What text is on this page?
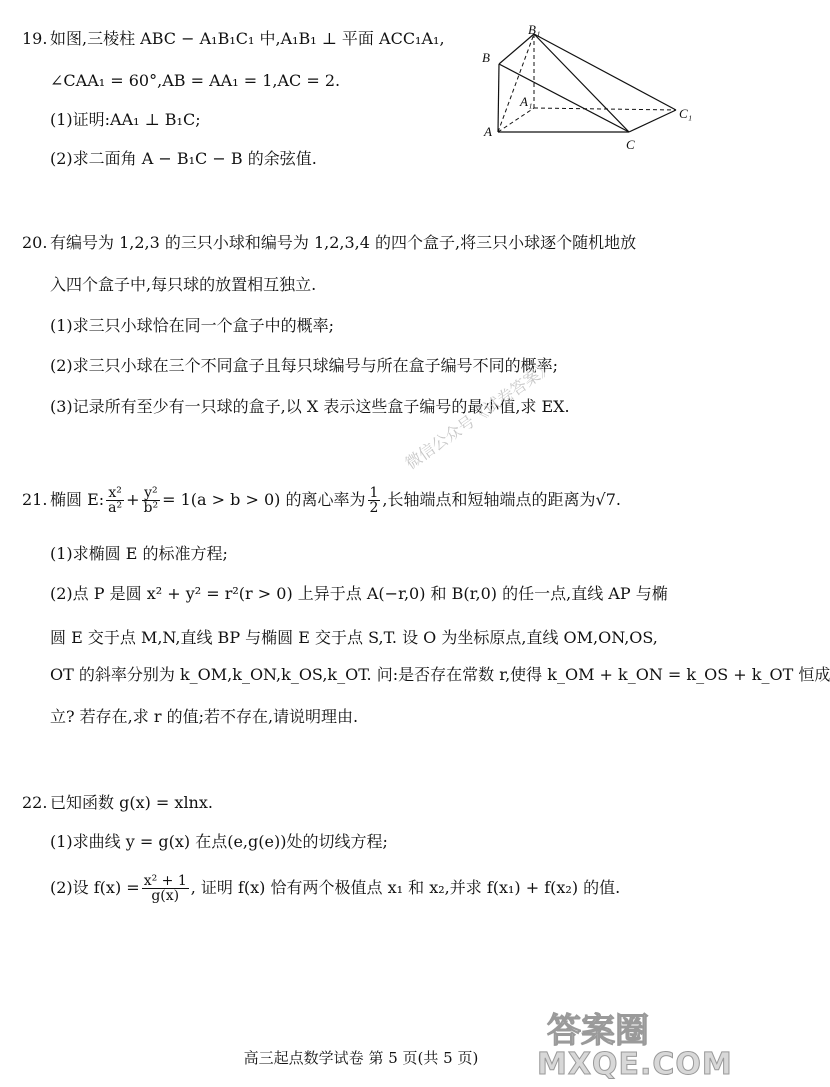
19. 如图,三棱柱 ABC − A₁B₁C₁ 中,A₁B₁ ⊥ 平面 ACC₁A₁,
∠CAA₁ = 60°,AB = AA₁ = 1,AC = 2.
(1)证明:AA₁ ⊥ B₁C;
(2)求二面角 A − B₁C − B 的余弦值.
B
B₁
A₁
A
C
C₁
20. 有编号为 1,2,3 的三只小球和编号为 1,2,3,4 的四个盒子,将三只小球逐个随机地放
入四个盒子中,每只球的放置相互独立.
(1)求三只小球恰在同一个盒子中的概率;
(2)求三只小球在三个不同盒子且每只球编号与所在盒子编号不同的概率;
(3)记录所有至少有一只球的盒子,以 X 表示这些盒子编号的最小值,求 EX.
21. 椭圆 E: $\frac{\text{x²}}{\text{a²}} + \frac{\text{y²}}{\text{b²}} = 1(a > b > 0)$ 的离心率为 $\frac{1}{2}$ ,长轴端点和短轴端点的距离为√7.
(1)求椭圆 E 的标准方程;
(2)点 P 是圆 x² + y² = r²(r > 0) 上异于点 A(−r,0) 和 B(r,0) 的任一点,直线 AP 与椭
圆 E 交于点 M,N,直线 BP 与椭圆 E 交于点 S,T. 设 O 为坐标原点,直线 OM,ON,OS,
OT 的斜率分别为 k_OM,k_ON,k_OS,k_OT. 问:是否存在常数 r,使得 k_OM + k_ON = k_OS + k_OT 恒成
立? 若存在,求 r 的值;若不存在,请说明理由.
22. 已知函数 g(x) = xlnx.
(1)求曲线 y = g(x) 在点(e,g(e))处的切线方程;
(2)设 $f(x) = \frac{\text{x² + 1}}{g(x)}$ , 证明 f(x) 恰有两个极值点 x₁ 和 x₂,并求 f(x₁) + f(x₂) 的值.
微信公众号《试卷答案》
高三起点数学试卷 第 5 页(共 5 页)
答案圈
MXQE.COM
